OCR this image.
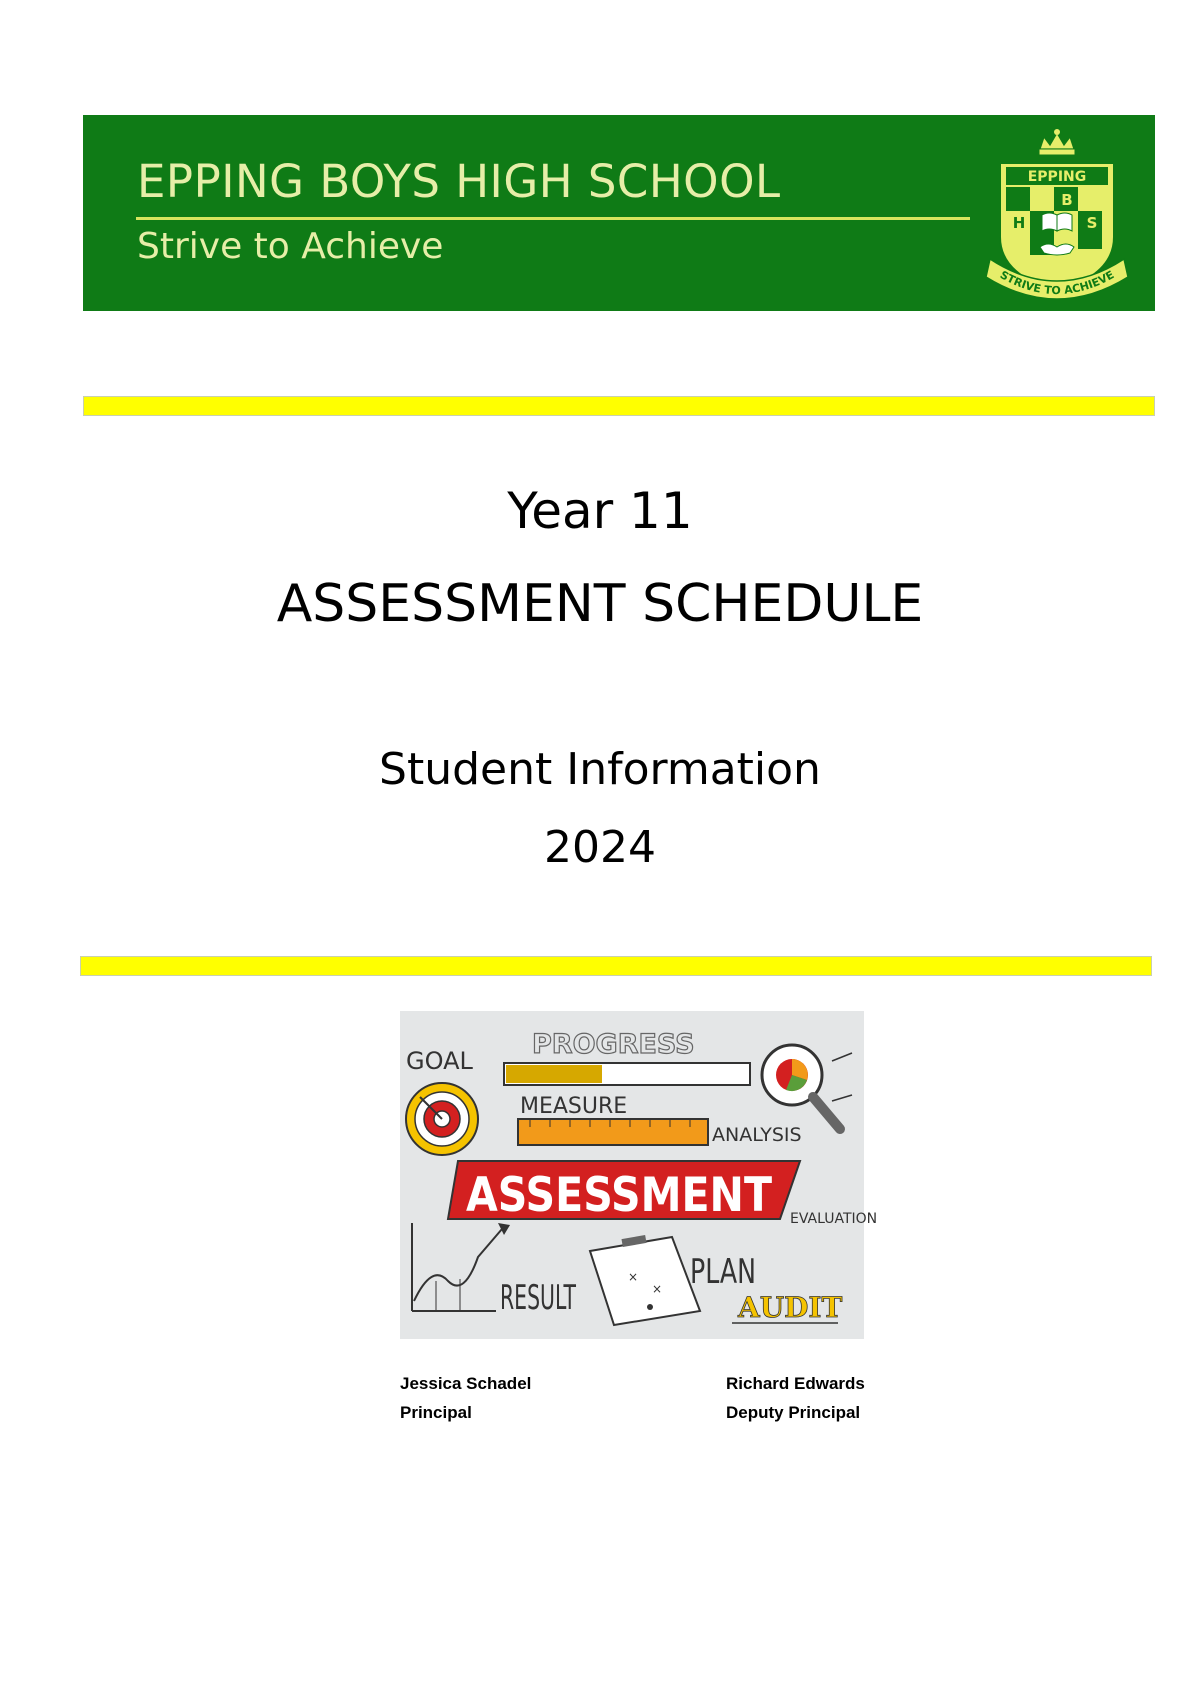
EPPING BOYS HIGH SCHOOL
Strive to Achieve
EPPING
B
H	S
STRIVE TO ACHIEVE
Year 11
ASSESSMENT SCHEDULE
Student Information
2024
GOAL
PROGRESS
MEASURE
ANALYSIS
ASSESSMENT EVALUATION
RESULT
×
× PLAN
AUDIT
Jessica Schadel
Principal
Richard Edwards
Deputy Principal
